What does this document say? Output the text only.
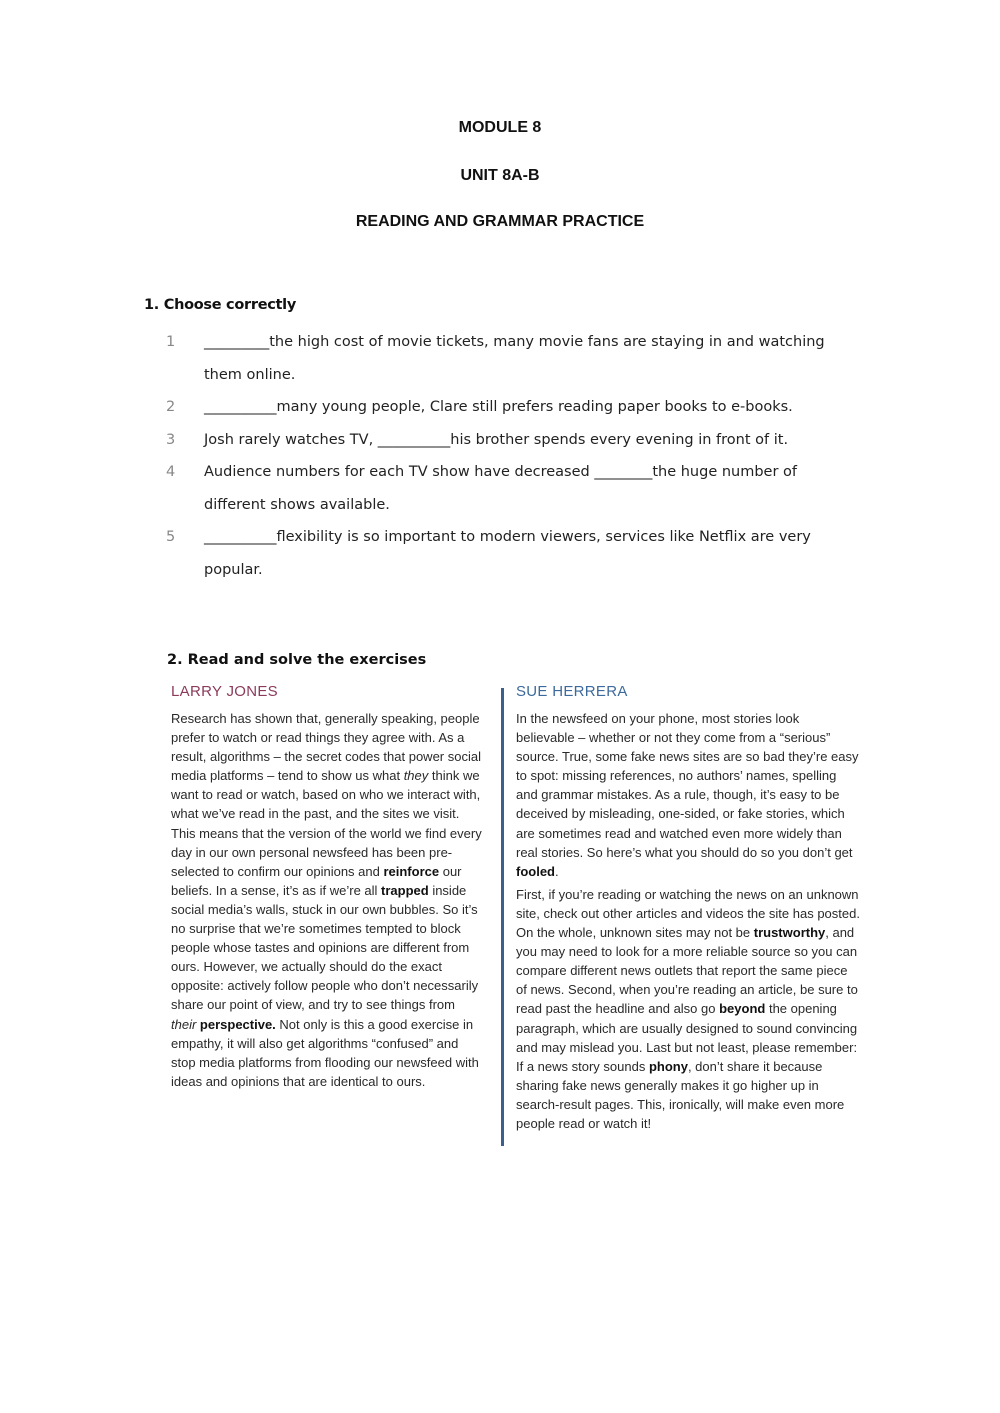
MODULE 8
UNIT 8A-B
READING AND GRAMMAR PRACTICE
1. Choose correctly
1 _________the high cost of movie tickets, many movie fans are staying in and watching them online.
2 __________many young people, Clare still prefers reading paper books to e-books.
3 Josh rarely watches TV, __________his brother spends every evening in front of it.
4 Audience numbers for each TV show have decreased ________the huge number of different shows available.
5 __________flexibility is so important to modern viewers, services like Netflix are very popular.
2. Read and solve the exercises
LARRY JONES

Research has shown that, generally speaking, people prefer to watch or read things they agree with. As a result, algorithms – the secret codes that power social media platforms – tend to show us what they think we want to read or watch, based on who we interact with, what we’ve read in the past, and the sites we visit. This means that the version of the world we find every day in our own personal newsfeed has been pre-selected to confirm our opinions and reinforce our beliefs. In a sense, it’s as if we’re all trapped inside social media’s walls, stuck in our own bubbles. So it’s no surprise that we’re sometimes tempted to block people whose tastes and opinions are different from ours. However, we actually should do the exact opposite: actively follow people who don’t necessarily share our point of view, and try to see things from their perspective. Not only is this a good exercise in empathy, it will also get algorithms “confused” and stop media platforms from flooding our newsfeed with ideas and opinions that are identical to ours.

SUE HERRERA

In the newsfeed on your phone, most stories look believable – whether or not they come from a “serious” source. True, some fake news sites are so bad they’re easy to spot: missing references, no authors’ names, spelling and grammar mistakes. As a rule, though, it’s easy to be deceived by misleading, one-sided, or fake stories, which are sometimes read and watched even more widely than real stories. So here’s what you should do so you don’t get fooled.

First, if you’re reading or watching the news on an unknown site, check out other articles and videos the site has posted. On the whole, unknown sites may not be trustworthy, and you may need to look for a more reliable source so you can compare different news outlets that report the same piece of news. Second, when you’re reading an article, be sure to read past the headline and also go beyond the opening paragraph, which are usually designed to sound convincing and may mislead you. Last but not least, please remember: If a news story sounds phony, don’t share it because sharing fake news generally makes it go higher up in search-result pages. This, ironically, will make even more people read or watch it!
